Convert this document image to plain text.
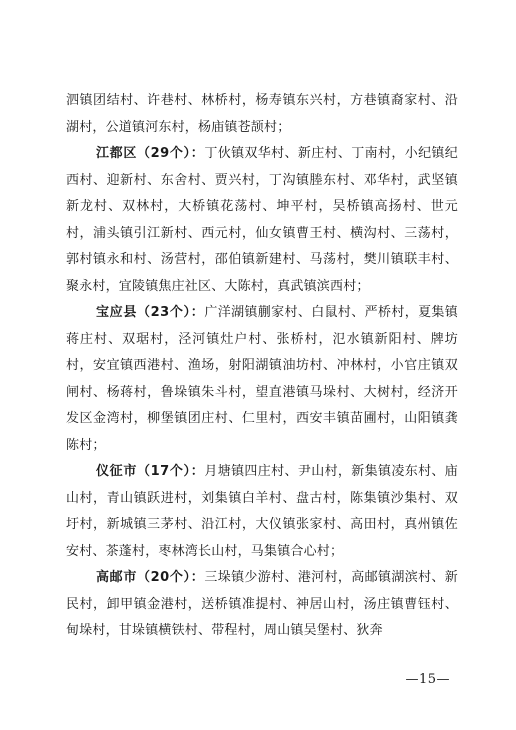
泗镇团结村、许巷村、林桥村，杨寿镇东兴村，方巷镇裔家村、沿湖村，公道镇河东村，杨庙镇苍颉村；

江都区（29个）：丁伙镇双华村、新庄村、丁南村，小纪镇纪西村、迎新村、东舍村、贾兴村，丁沟镇塍东村、邓华村，武坚镇新龙村、双林村，大桥镇花荡村、坤平村，吴桥镇高扬村、世元村，浦头镇引江新村、西元村，仙女镇曹王村、横沟村、三荡村，郭村镇永和村、汤营村，邵伯镇新建村、马荡村，樊川镇联丰村、聚永村，宜陵镇焦庄社区、大陈村，真武镇滨西村；

宝应县（23个）：广洋湖镇蒯家村、白鼠村、严桥村，夏集镇蒋庄村、双琚村，泾河镇灶户村、张桥村，氾水镇新阳村、牌坊村，安宜镇西港村、渔场，射阳湖镇油坊村、冲林村，小官庄镇双闸村、杨蒋村，鲁垛镇朱斗村，望直港镇马垛村、大树村，经济开发区金湾村，柳堡镇团庄村、仁里村，西安丰镇苗圃村，山阳镇龚陈村；

仪征市（17个）：月塘镇四庄村、尹山村，新集镇凌东村、庙山村，青山镇跃进村，刘集镇白羊村、盘古村，陈集镇沙集村、双圩村，新城镇三茅村、沿江村，大仪镇张家村、高田村，真州镇佐安村、茶蓬村，枣林湾长山村，马集镇合心村；

高邮市（20个）：三垛镇少游村、港河村，高邮镇湖滨村、新民村，卸甲镇金港村，送桥镇准提村、神居山村，汤庄镇曹钰村、甸垛村，甘垛镇横铁村、带程村，周山镇吴堡村、狄奔

—15—
